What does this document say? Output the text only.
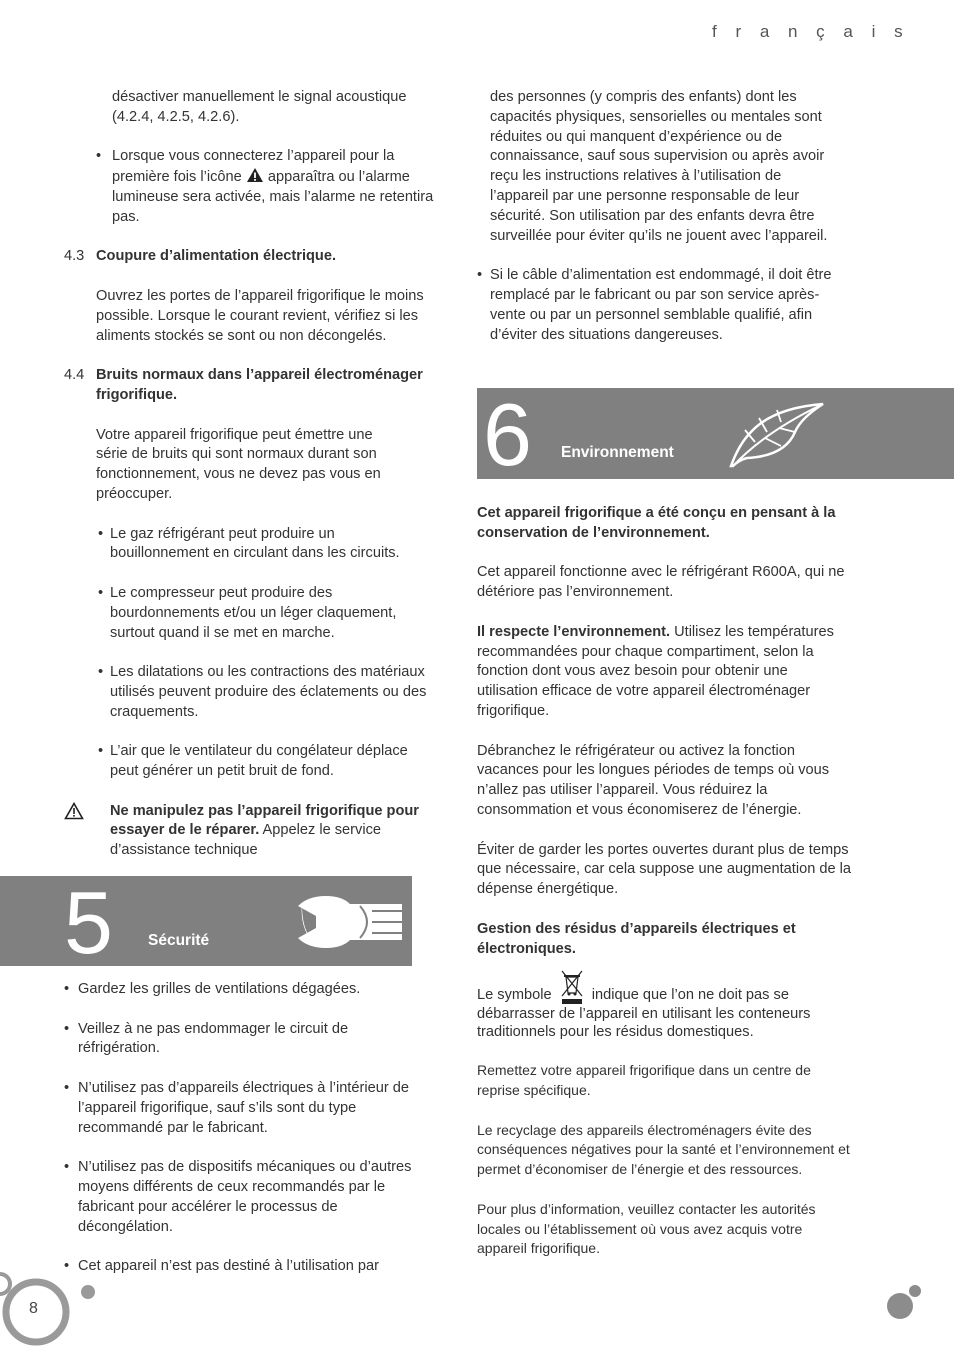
f r a n ç a i s

désactiver manuellement le signal acoustique (4.2.4, 4.2.5, 4.2.6).

• Lorsque vous connecterez l’appareil pour la première fois l’icône apparaîtra ou l’alarme lumineuse sera activée, mais l’alarme ne retentira pas.
4.3 Coupure d’alimentation électrique.

Ouvrez les portes de l’appareil frigorifique le moins possible. Lorsque le courant revient, vérifiez si les aliments stockés se sont ou non décongelés.

4.4 Bruits normaux dans l’appareil électroménager frigorifique.

Votre appareil frigorifique peut émettre une série de bruits qui sont normaux durant son fonctionnement, vous ne devez pas vous en préoccuper.

• Le gaz réfrigérant peut produire un bouillonnement en circulant dans les circuits.
• Le compresseur peut produire des bourdonnements et/ou un léger claquement, surtout quand il se met en marche.
• Les dilatations ou les contractions des matériaux utilisés peuvent produire des éclatements ou des craquements.
• L’air que le ventilateur du congélateur déplace peut générer un petit bruit de fond.
Ne manipulez pas l’appareil frigorifique pour essayer de le réparer. Appelez le service d’assistance technique
5 Sécurité
• Gardez les grilles de ventilations dégagées.
• Veillez à ne pas endommager le circuit de réfrigération.
• N’utilisez pas d’appareils électriques à l’intérieur de l’appareil frigorifique, sauf s’ils sont du type recommandé par le fabricant.
• N’utilisez pas de dispositifs mécaniques ou d’autres moyens différents de ceux recommandés par le fabricant pour accélérer le processus de décongélation.
• Cet appareil n’est pas destiné à l’utilisation par

des personnes (y compris des enfants) dont les capacités physiques, sensorielles ou mentales sont réduites ou qui manquent d’expérience ou de connaissance, sauf sous supervision ou après avoir reçu les instructions relatives à l’utilisation de l’appareil par une personne responsable de leur sécurité. Son utilisation par des enfants devra être surveillée pour éviter qu’ils ne jouent avec l’appareil.

• Si le câble d’alimentation est endommagé, il doit être remplacé par le fabricant ou par son service après-vente ou par un personnel semblable qualifié, afin d’éviter des situations dangereuses.
6 Environnement

Cet appareil frigorifique a été conçu en pensant à la conservation de l’environnement.

Cet appareil fonctionne avec le réfrigérant R600A, qui ne détériore pas l’environnement.

Il respecte l’environnement. Utilisez les températures recommandées pour chaque compartiment, selon la fonction dont vous avez besoin pour obtenir une utilisation efficace de votre appareil électroménager frigorifique.

Débranchez le réfrigérateur ou activez la fonction vacances pour les longues périodes de temps où vous n’allez pas utiliser l’appareil. Vous réduirez la consommation et vous économiserez de l’énergie.

Éviter de garder les portes ouvertes durant plus de temps que nécessaire, car cela suppose une augmentation de la dépense énergétique.

Gestion des résidus d’appareils électriques et électroniques.

Le symbole	indique que l’on ne doit pas se débarrasser de l’appareil en utilisant les conteneurs traditionnels pour les résidus domestiques.

Remettez votre appareil frigorifique dans un centre de reprise spécifique.

Le recyclage des appareils électroménagers évite des conséquences négatives pour la santé et l’environnement et permet d’économiser de l’énergie et des ressources.

Pour plus d’information, veuillez contacter les autorités locales ou l’établissement où vous avez acquis votre appareil frigorifique.

8
